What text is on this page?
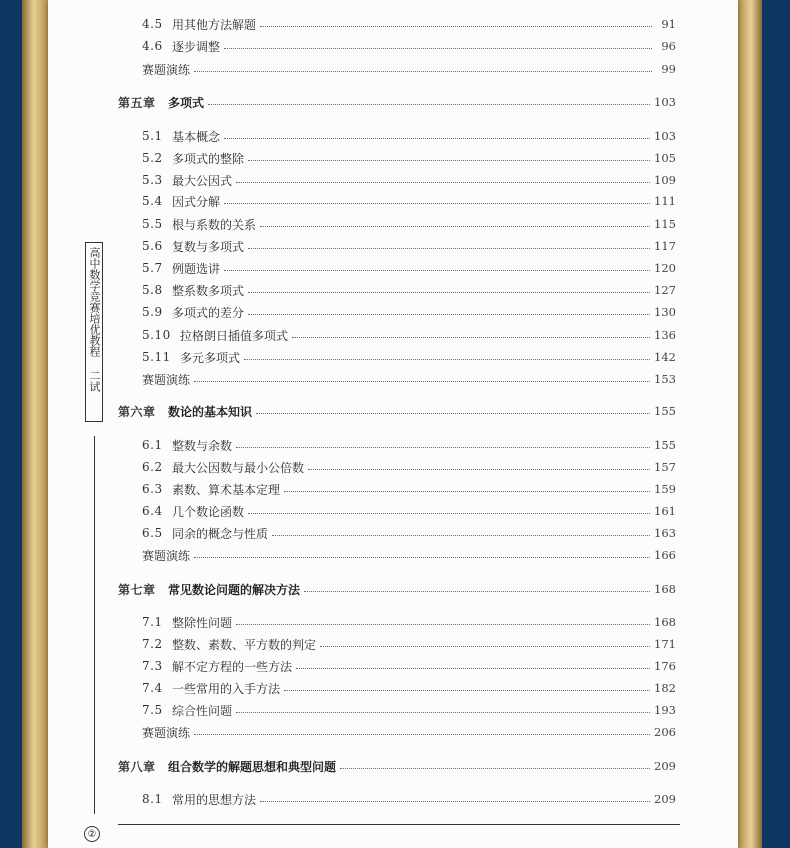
高中数学竞赛培优教程 二试
4.5 用其他方法解题	91
4.6 逐步调整	96
赛题演练	99
第五章	多项式	103
5.1 基本概念	103
5.2 多项式的整除	105
5.3 最大公因式	109
5.4 因式分解	111
5.5 根与系数的关系	115
5.6 复数与多项式	117
5.7 例题选讲	120
5.8 整系数多项式	127
5.9 多项式的差分	130
5.10 拉格朗日插值多项式	136
5.11 多元多项式	142
赛题演练	153
第六章	数论的基本知识	155
6.1 整数与余数	155
6.2 最大公因数与最小公倍数	157
6.3 素数、算术基本定理	159
6.4 几个数论函数	161
6.5 同余的概念与性质	163
赛题演练	166
第七章	常见数论问题的解决方法	168
7.1 整除性问题	168
7.2 整数、素数、平方数的判定	171
7.3 解不定方程的一些方法	176
7.4 一些常用的入手方法	182
7.5 综合性问题	193
赛题演练	206
第八章	组合数学的解题思想和典型问题	209
8.1 常用的思想方法	209
②
